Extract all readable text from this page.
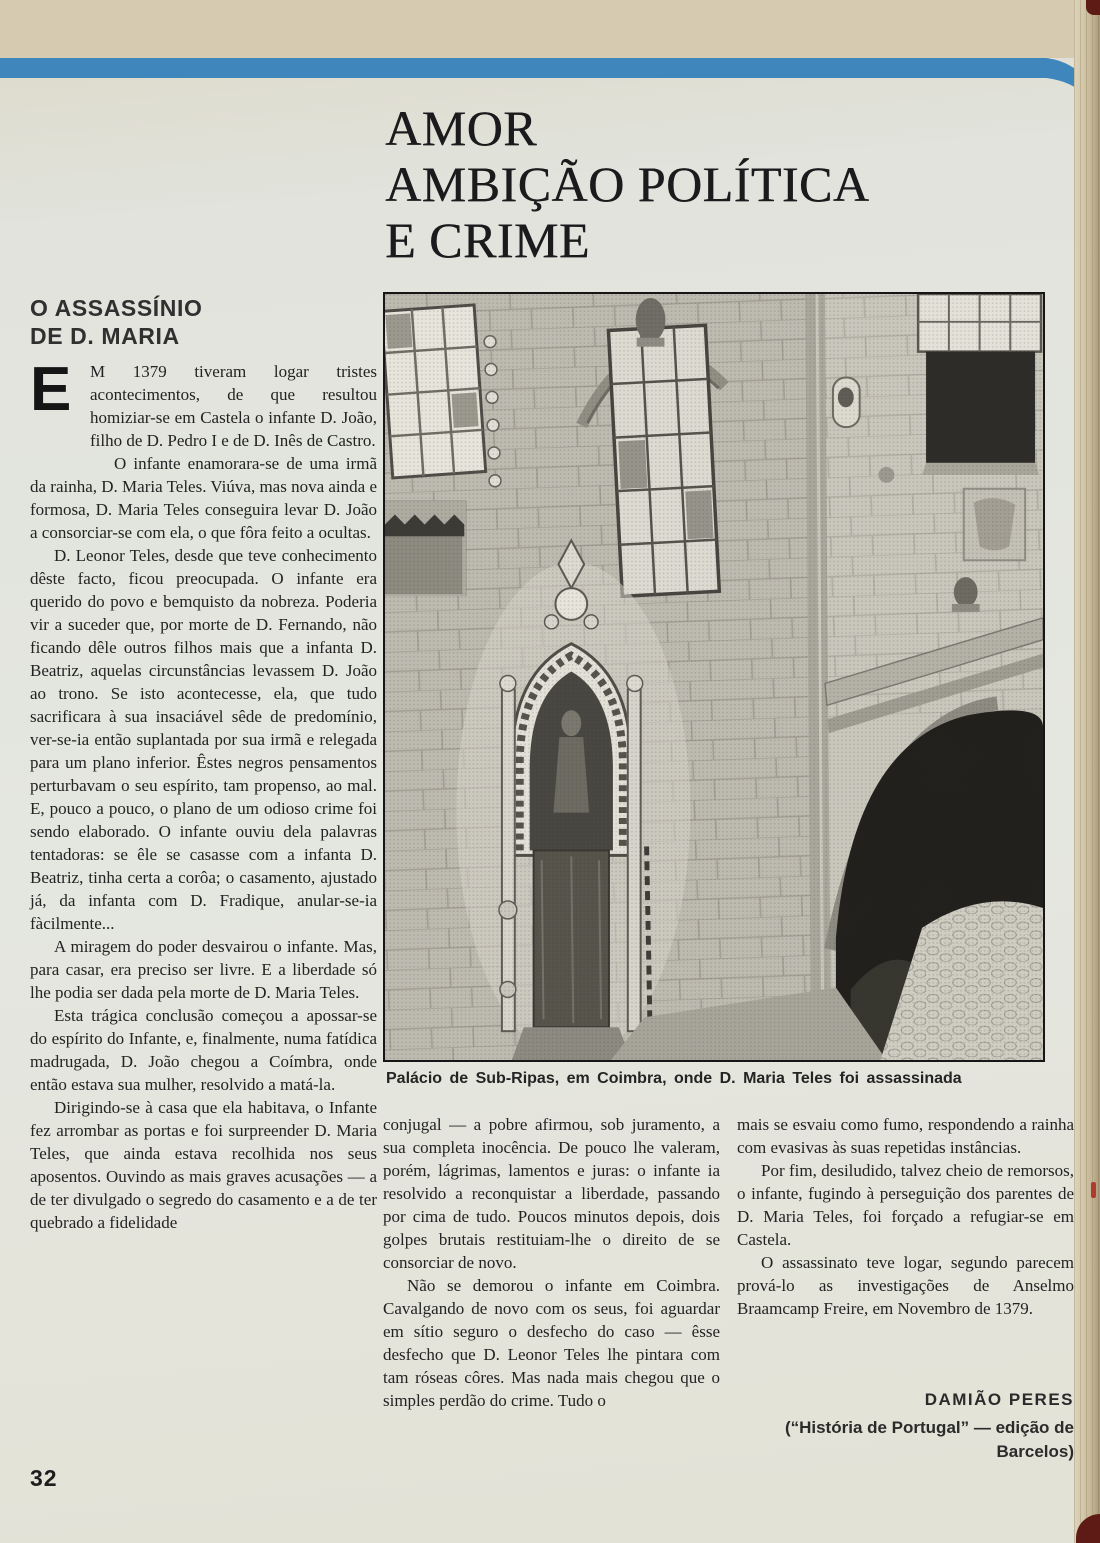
AMOR
AMBIÇÃO POLÍTICA
E CRIME
O ASSASSÍNIO
DE D. MARIA

E	M 1379 tiveram logar tristes acontecimentos, de que resultou homiziar-se em Castela o infante D. João, filho de D. Pedro I e de D. Inês de Castro.

O infante enamorara-se de uma irmã da rainha, D. Maria Teles. Viúva, mas nova ainda e formosa, D. Maria Teles conseguira levar D. João a consorciar-se com ela, o que fôra feito a ocultas.

D. Leonor Teles, desde que teve conhecimento dêste facto, ficou preocupada. O infante era querido do povo e bemquisto da nobreza. Poderia vir a suceder que, por morte de D. Fernando, não ficando dêle outros filhos mais que a infanta D. Beatriz, aquelas circunstâncias levassem D. João ao trono. Se isto acontecesse, ela, que tudo sacrificara à sua insaciável sêde de predomínio, ver-se-ia então suplantada por sua irmã e relegada para um plano inferior. Êstes negros pensamentos perturbavam o seu espírito, tam propenso, ao mal. E, pouco a pouco, o plano de um odioso crime foi sendo elaborado. O infante ouviu dela palavras tentadoras: se êle se casasse com a infanta D. Beatriz, tinha certa a corôa; o casamento, ajustado já, da infanta com D. Fradique, anular-se-ia fàcilmente...

A miragem do poder desvairou o infante. Mas, para casar, era preciso ser livre. E a liberdade só lhe podia ser dada pela morte de D. Maria Teles.

Esta trágica conclusão começou a apossar-se do espírito do Infante, e, finalmente, numa fatídica madrugada, D. João chegou a Coímbra, onde então estava sua mulher, resolvido a matá-la.

Dirigindo-se à casa que ela habitava, o Infante fez arrombar as portas e foi surpreender D. Maria Teles, que ainda estava recolhida nos seus aposentos. Ouvindo as mais graves acusações — a de ter divulgado o segredo do casamento e a de ter quebrado a fidelidade

Palácio de Sub-Ripas, em Coimbra, onde D. Maria Teles foi assassinada

conjugal — a pobre afirmou, sob juramento, a sua completa inocência. De pouco lhe valeram, porém, lágrimas, lamentos e juras: o infante ia resolvido a reconquistar a liberdade, passando por cima de tudo. Poucos minutos depois, dois golpes brutais restituiam-lhe o direito de se consorciar de novo.

Não se demorou o infante em Coimbra. Cavalgando de novo com os seus, foi aguardar em sítio seguro o desfecho do caso — êsse desfecho que D. Leonor Teles lhe pintara com tam róseas côres. Mas nada mais chegou que o simples perdão do crime. Tudo o

mais se esvaiu como fumo, respondendo a rainha com evasivas às suas repetidas instâncias.

Por fim, desiludido, talvez cheio de remorsos, o infante, fugindo à perseguição dos parentes de D. Maria Teles, foi forçado a refugiar-se em Castela.

O assassinato teve logar, segundo parecem prová-lo as investigações de Anselmo Braamcamp Freire, em Novembro de 1379.

DAMIÃO PERES
(“História de Portugal” — edição de Barcelos)
32
